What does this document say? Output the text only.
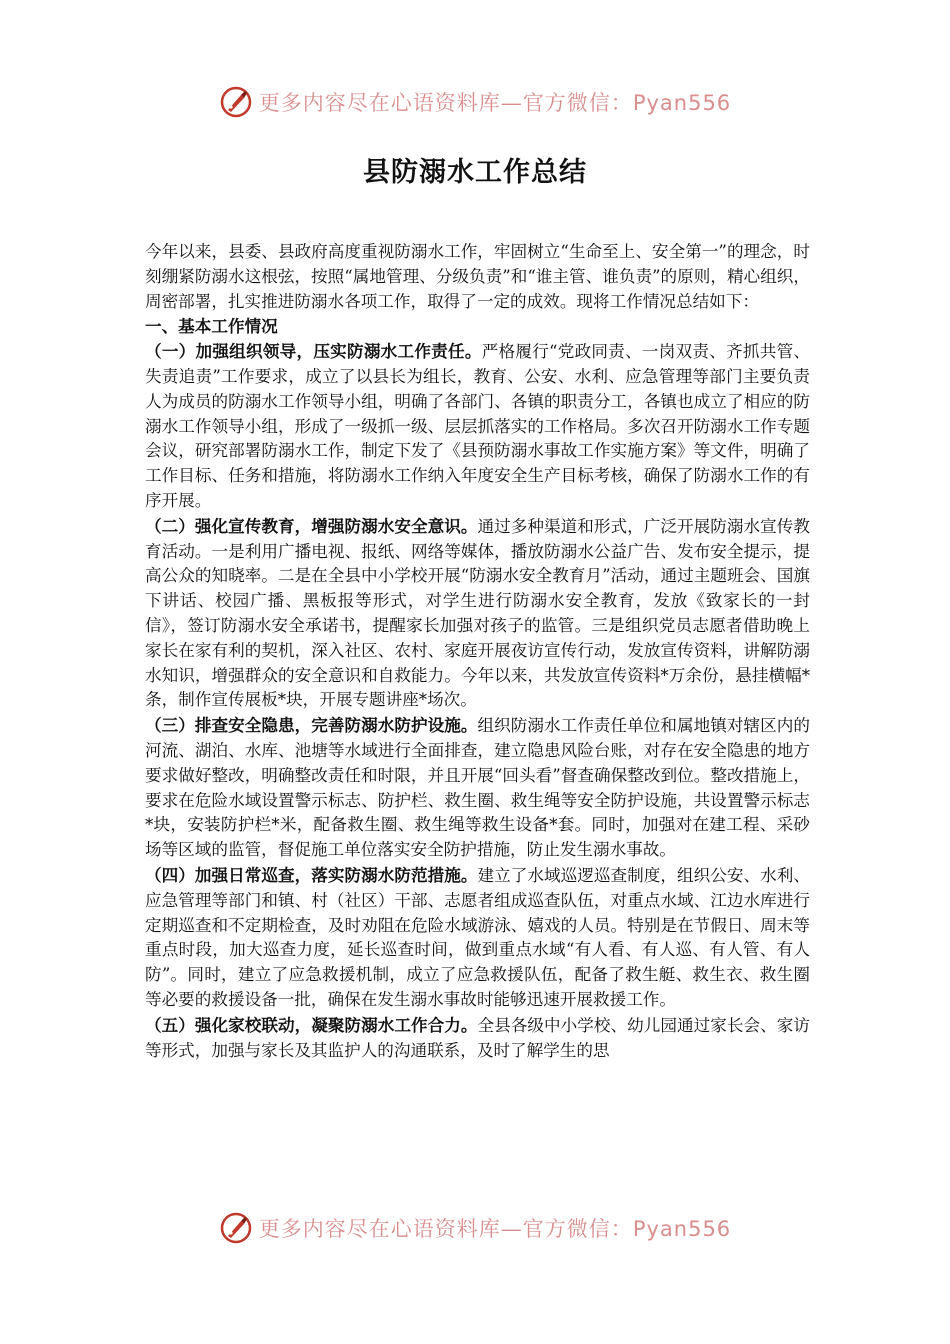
更多内容尽在心语资料库—官方微信：Pyan556
县防溺水工作总结

今年以来，县委、县政府高度重视防溺水工作，牢固树立“生命至上、安全第一”的理念，时刻绷紧防溺水这根弦，按照“属地管理、分级负责”和“谁主管、谁负责”的原则，精心组织，周密部署，扎实推进防溺水各项工作，取得了一定的成效。现将工作情况总结如下：

一、基本工作情况

（一）加强组织领导，压实防溺水工作责任。严格履行“党政同责、一岗双责、齐抓共管、失责追责”工作要求，成立了以县长为组长，教育、公安、水利、应急管理等部门主要负责人为成员的防溺水工作领导小组，明确了各部门、各镇的职责分工，各镇也成立了相应的防溺水工作领导小组，形成了一级抓一级、层层抓落实的工作格局。多次召开防溺水工作专题会议，研究部署防溺水工作，制定下发了《县预防溺水事故工作实施方案》等文件，明确了工作目标、任务和措施，将防溺水工作纳入年度安全生产目标考核，确保了防溺水工作的有序开展。

（二）强化宣传教育，增强防溺水安全意识。通过多种渠道和形式，广泛开展防溺水宣传教育活动。一是利用广播电视、报纸、网络等媒体，播放防溺水公益广告、发布安全提示，提高公众的知晓率。二是在全县中小学校开展“防溺水安全教育月”活动，通过主题班会、国旗下讲话、校园广播、黑板报等形式，对学生进行防溺水安全教育，发放《致家长的一封信》，签订防溺水安全承诺书，提醒家长加强对孩子的监管。三是组织党员志愿者借助晚上家长在家有利的契机，深入社区、农村、家庭开展夜访宣传行动，发放宣传资料，讲解防溺水知识，增强群众的安全意识和自救能力。今年以来，共发放宣传资料*万余份，悬挂横幅*条，制作宣传展板*块，开展专题讲座*场次。

（三）排查安全隐患，完善防溺水防护设施。组织防溺水工作责任单位和属地镇对辖区内的河流、湖泊、水库、池塘等水域进行全面排查，建立隐患风险台账，对存在安全隐患的地方要求做好整改，明确整改责任和时限，并且开展“回头看”督查确保整改到位。整改措施上，要求在危险水域设置警示标志、防护栏、救生圈、救生绳等安全防护设施，共设置警示标志*块，安装防护栏*米，配备救生圈、救生绳等救生设备*套。同时，加强对在建工程、采砂场等区域的监管，督促施工单位落实安全防护措施，防止发生溺水事故。

（四）加强日常巡查，落实防溺水防范措施。建立了水域巡逻巡查制度，组织公安、水利、应急管理等部门和镇、村（社区）干部、志愿者组成巡查队伍，对重点水域、江边水库进行定期巡查和不定期检查，及时劝阻在危险水域游泳、嬉戏的人员。特别是在节假日、周末等重点时段，加大巡查力度，延长巡查时间，做到重点水域“有人看、有人巡、有人管、有人防”。同时，建立了应急救援机制，成立了应急救援队伍，配备了救生艇、救生衣、救生圈等必要的救援设备一批，确保在发生溺水事故时能够迅速开展救援工作。

（五）强化家校联动，凝聚防溺水工作合力。全县各级中小学校、幼儿园通过家长会、家访等形式，加强与家长及其监护人的沟通联系，及时了解学生的思

更多内容尽在心语资料库—官方微信：Pyan556
